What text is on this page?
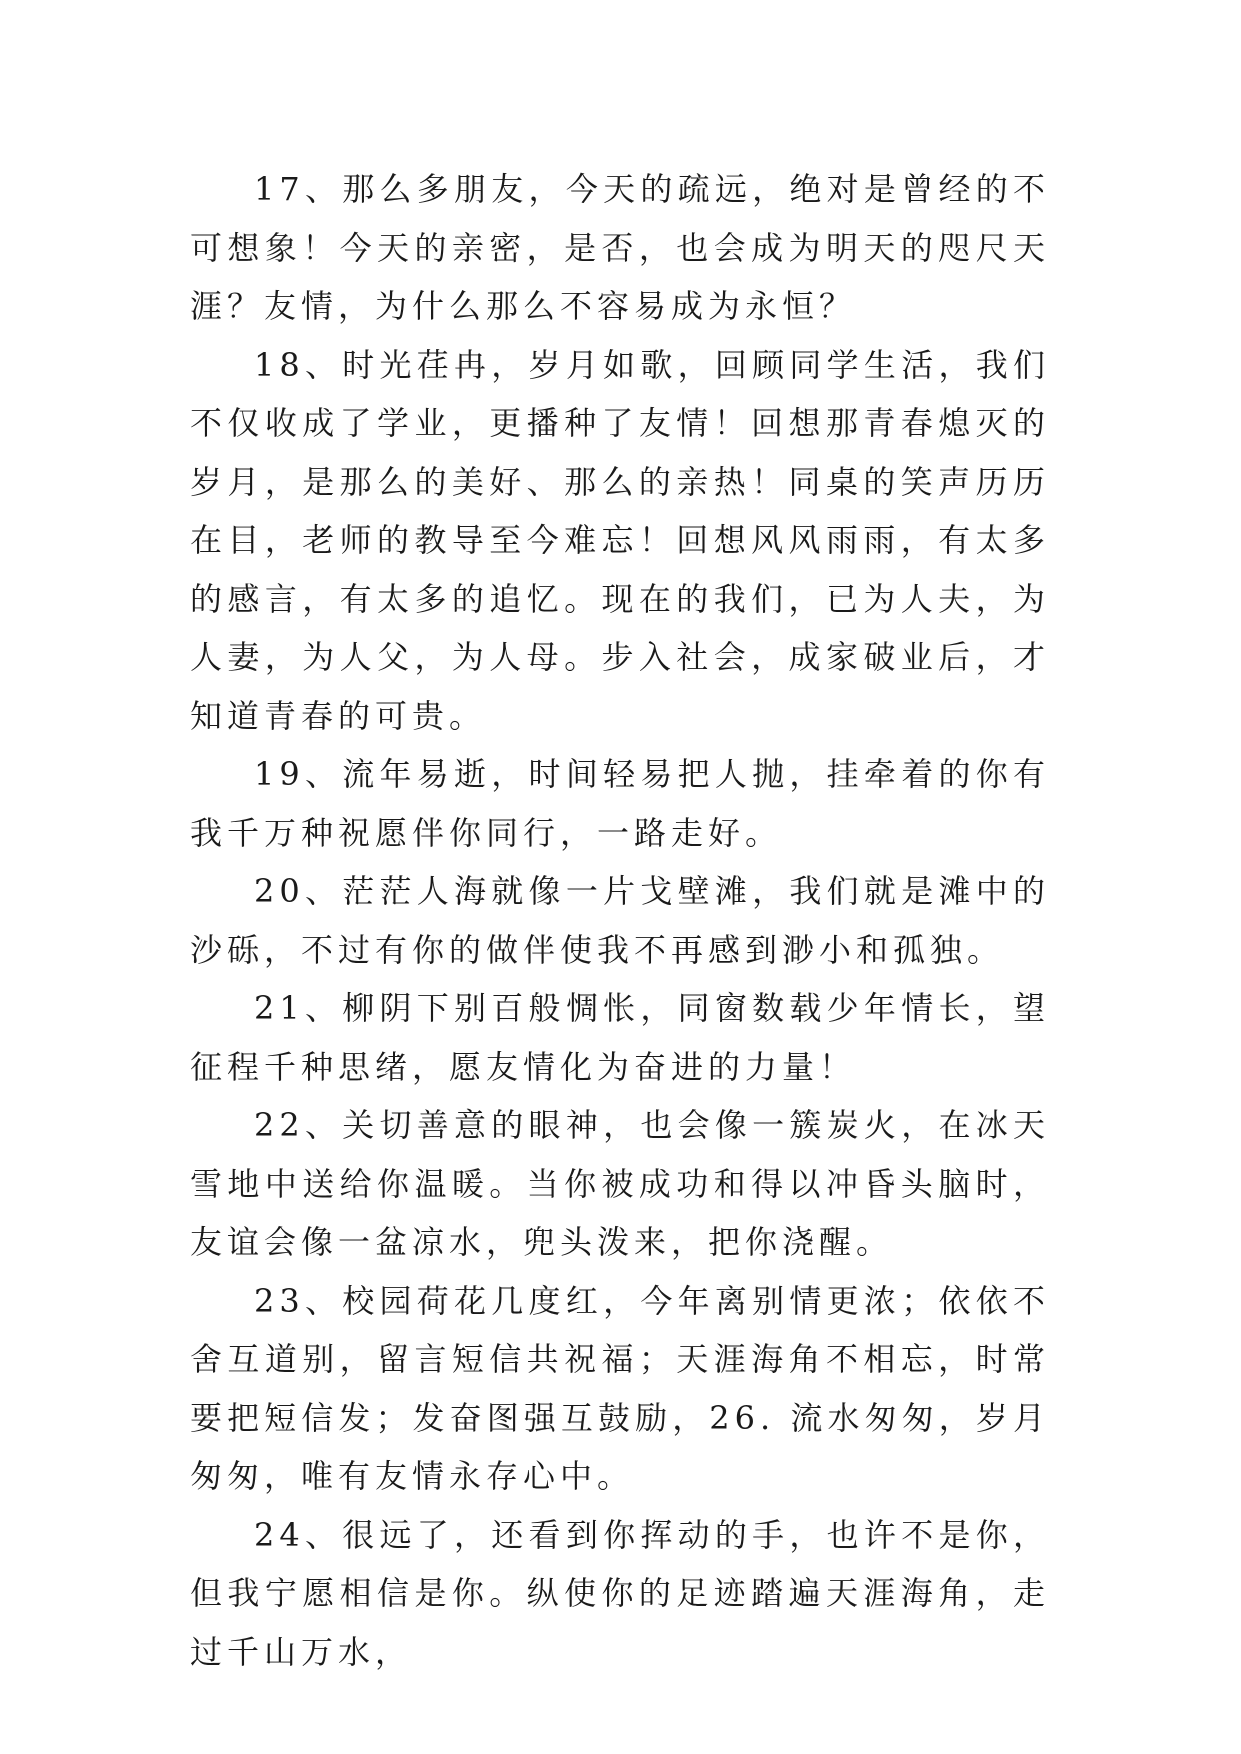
17、那么多朋友，今天的疏远，绝对是曾经的不可想象！今天的亲密，是否，也会成为明天的咫尺天涯？友情，为什么那么不容易成为永恒？

18、时光荏冉，岁月如歌，回顾同学生活，我们不仅收成了学业，更播种了友情！回想那青春熄灭的岁月，是那么的美好、那么的亲热！同桌的笑声历历在目，老师的教导至今难忘！回想风风雨雨，有太多的感言，有太多的追忆。现在的我们，已为人夫，为人妻，为人父，为人母。步入社会，成家破业后，才知道青春的可贵。

19、流年易逝，时间轻易把人抛，挂牵着的你有我千万种祝愿伴你同行，一路走好。

20、茫茫人海就像一片戈壁滩，我们就是滩中的沙砾，不过有你的做伴使我不再感到渺小和孤独。

21、柳阴下别百般惆怅，同窗数载少年情长，望征程千种思绪，愿友情化为奋进的力量！

22、关切善意的眼神，也会像一簇炭火，在冰天雪地中送给你温暖。当你被成功和得以冲昏头脑时，友谊会像一盆凉水，兜头泼来，把你浇醒。

23、校园荷花几度红，今年离别情更浓；依依不舍互道别，留言短信共祝福；天涯海角不相忘，时常要把短信发；发奋图强互鼓励，26. 流水匆匆，岁月匆匆，唯有友情永存心中。

24、很远了，还看到你挥动的手，也许不是你，但我宁愿相信是你。纵使你的足迹踏遍天涯海角，走过千山万水，
